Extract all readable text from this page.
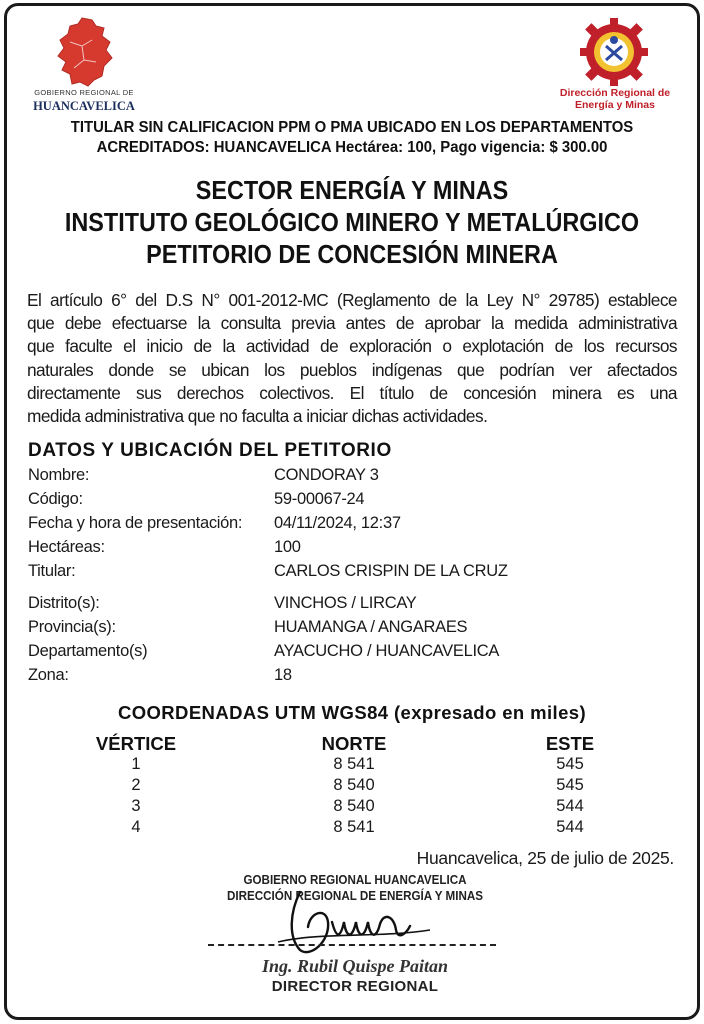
GOBIERNO REGIONAL DE
HUANCAVELICA
Dirección Regional de
Energía y Minas
TITULAR SIN CALIFICACION PPM O PMA UBICADO EN LOS DEPARTAMENTOS
ACREDITADOS: HUANCAVELICA Hectárea: 100, Pago vigencia: $ 300.00
SECTOR ENERGÍA Y MINAS
INSTITUTO GEOLÓGICO MINERO Y METALÚRGICO
PETITORIO DE CONCESIÓN MINERA
El artículo 6° del D.S N° 001-2012-MC (Reglamento de la Ley N° 29785) establece
que debe efectuarse la consulta previa antes de aprobar la medida administrativa
que faculte el inicio de la actividad de exploración o explotación de los recursos
naturales donde se ubican los pueblos indígenas que podrían ver afectados
directamente sus derechos colectivos. El título de concesión minera es una
medida administrativa que no faculta a iniciar dichas actividades.
DATOS Y UBICACIÓN DEL PETITORIO
Nombre:	CONDORAY 3
Código:	59-00067-24
Fecha y hora de presentación: 04/11/2024, 12:37
Hectáreas:	100
Titular:	CARLOS CRISPIN DE LA CRUZ
Distrito(s):	VINCHOS / LIRCAY
Provincia(s):	HUAMANGA / ANGARAES
Departamento(s)	AYACUCHO / HUANCAVELICA
Zona:	18
COORDENADAS UTM WGS84 (expresado en miles)
VÉRTICE	NORTE	ESTE
1	8 541	545
2	8 540	545
3	8 540	544
4	8 541	544
Huancavelica, 25 de julio de 2025.
GOBIERNO REGIONAL HUANCAVELICA
DIRECCIÓN REGIONAL DE ENERGÍA Y MINAS
Ing. Rubil Quispe Paitan
DIRECTOR REGIONAL
